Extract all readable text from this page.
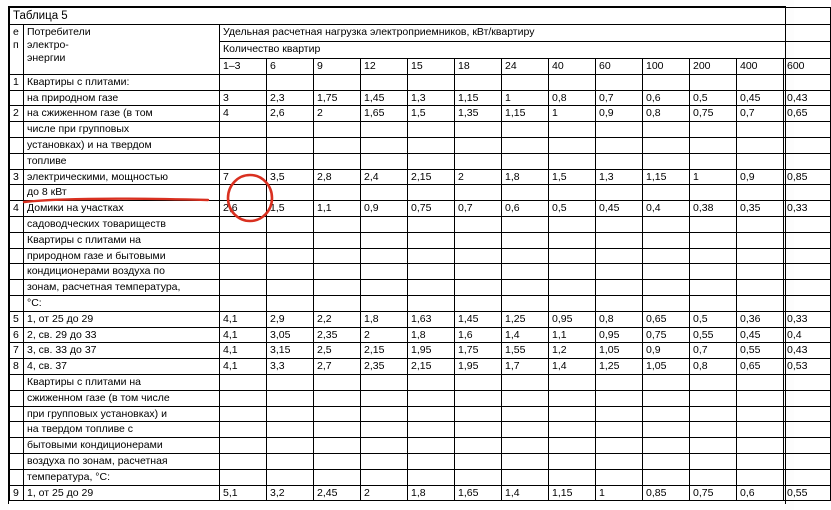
Таблица 5														

е
п

Потребители
электро-
энергии
	Удельная расчетная нагрузка электроприемников, кВт/квартиру
		Количество квартир												
		1–3	6	9	12	15	18	24	40	60	100	200	400	600
1	Квартиры с плитами:													
	на природном газе	3	2,3	1,75	1,45	1,3	1,15	1	0,8	0,7	0,6	0,5	0,45	0,43
2	на сжиженном газе (в том	4	2,6	2	1,65	1,5	1,35	1,15	1	0,9	0,8	0,75	0,7	0,65
	числе при групповых													
	установках) и на твердом													
	топливе													
3	электрическими, мощностью	7	3,5	2,8	2,4	2,15	2	1,8	1,5	1,3	1,15	1	0,9	0,85
	до 8 кВт													
4	Домики на участках	2,6	1,5	1,1	0,9	0,75	0,7	0,6	0,5	0,45	0,4	0,38	0,35	0,33
	садоводческих товариществ													
	Квартиры с плитами на													
	природном газе и бытовыми													
	кондиционерами воздуха по													
	зонам, расчетная температура,													
	°С:													
5	1, от 25 до 29	4,1	2,9	2,2	1,8	1,63	1,45	1,25	0,95	0,8	0,65	0,5	0,36	0,33
6	2, св. 29 до 33	4,1	3,05	2,35	2	1,8	1,6	1,4	1,1	0,95	0,75	0,55	0,45	0,4
7	3, св. 33 до 37	4,1	3,15	2,5	2,15	1,95	1,75	1,55	1,2	1,05	0,9	0,7	0,55	0,43
8	4, св. 37	4,1	3,3	2,7	2,35	2,15	1,95	1,7	1,4	1,25	1,05	0,8	0,65	0,53
	Квартиры с плитами на													
	сжиженном газе (в том числе													
	при групповых установках) и													
	на твердом топливе с													
	бытовыми кондиционерами													
	воздуха по зонам, расчетная													
	температура, °С:													
9	1, от 25 до 29	5,1	3,2	2,45	2	1,8	1,65	1,4	1,15	1	0,85	0,75	0,6	0,55
